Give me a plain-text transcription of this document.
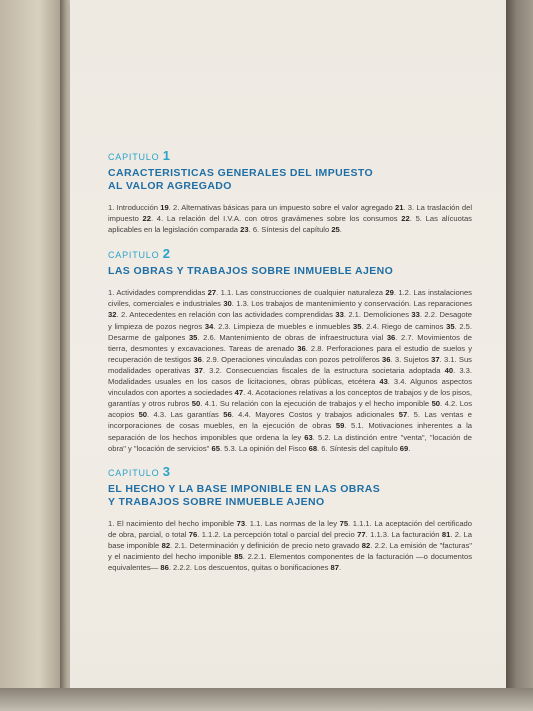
CAPITULO 1
CARACTERISTICAS GENERALES DEL IMPUESTO
AL VALOR AGREGADO

1. Introducción 19. 2. Alternativas básicas para un impuesto sobre el valor agregado 21. 3. La traslación del impuesto 22. 4. La relación del I.V.A. con otros gravámenes sobre los consumos 22. 5. Las alícuotas aplicables en la legislación comparada 23. 6. Síntesis del capítulo 25.

CAPITULO 2
LAS OBRAS Y TRABAJOS SOBRE INMUEBLE AJENO

1. Actividades comprendidas 27. 1.1. Las construcciones de cualquier naturaleza 29. 1.2. Las instalaciones civiles, comerciales e industriales 30. 1.3. Los trabajos de mantenimiento y conservación. Las reparaciones 32. 2. Antecedentes en relación con las actividades comprendidas 33. 2.1. Demoliciones 33. 2.2. Desagote y limpieza de pozos negros 34. 2.3. Limpieza de muebles e inmuebles 35. 2.4. Riego de caminos 35. 2.5. Desarme de galpones 35. 2.6. Mantenimiento de obras de infraestructura vial 36. 2.7. Movimientos de tierra, desmontes y excavaciones. Tareas de arenado 36. 2.8. Perforaciones para el estudio de suelos y recuperación de testigos 36. 2.9. Operaciones vinculadas con pozos petrolíferos 36. 3. Sujetos 37. 3.1. Sus modalidades operativas 37. 3.2. Consecuencias fiscales de la estructura societaria adoptada 40. 3.3. Modalidades usuales en los casos de licitaciones, obras públicas, etcétera 43. 3.4. Algunos aspectos vinculados con aportes a sociedades 47. 4. Acotaciones relativas a los conceptos de trabajos y de los pisos, garantías y otros rubros 50. 4.1. Su relación con la ejecución de trabajos y el hecho imponible 50. 4.2. Los acopios 50. 4.3. Las garantías 56. 4.4. Mayores Costos y trabajos adicionales 57. 5. Las ventas e incorporaciones de cosas muebles, en la ejecución de obras 59. 5.1. Motivaciones inherentes a la separación de los hechos imponibles que ordena la ley 63. 5.2. La distinción entre "venta", "locación de obra" y "locación de servicios" 65. 5.3. La opinión del Fisco 68. 6. Síntesis del capítulo 69.

CAPITULO 3
EL HECHO Y LA BASE IMPONIBLE EN LAS OBRAS
Y TRABAJOS SOBRE INMUEBLE AJENO

1. El nacimiento del hecho imponible 73. 1.1. Las normas de la ley 75. 1.1.1. La aceptación del certificado de obra, parcial, o total 76. 1.1.2. La percepción total o parcial del precio 77. 1.1.3. La facturación 81. 2. La base imponible 82. 2.1. Determinación y definición de precio neto gravado 82. 2.2. La emisión de "facturas" y el nacimiento del hecho imponible 85. 2.2.1. Elementos componentes de la facturación —o documentos equivalentes— 86. 2.2.2. Los descuentos, quitas o bonificaciones 87.
